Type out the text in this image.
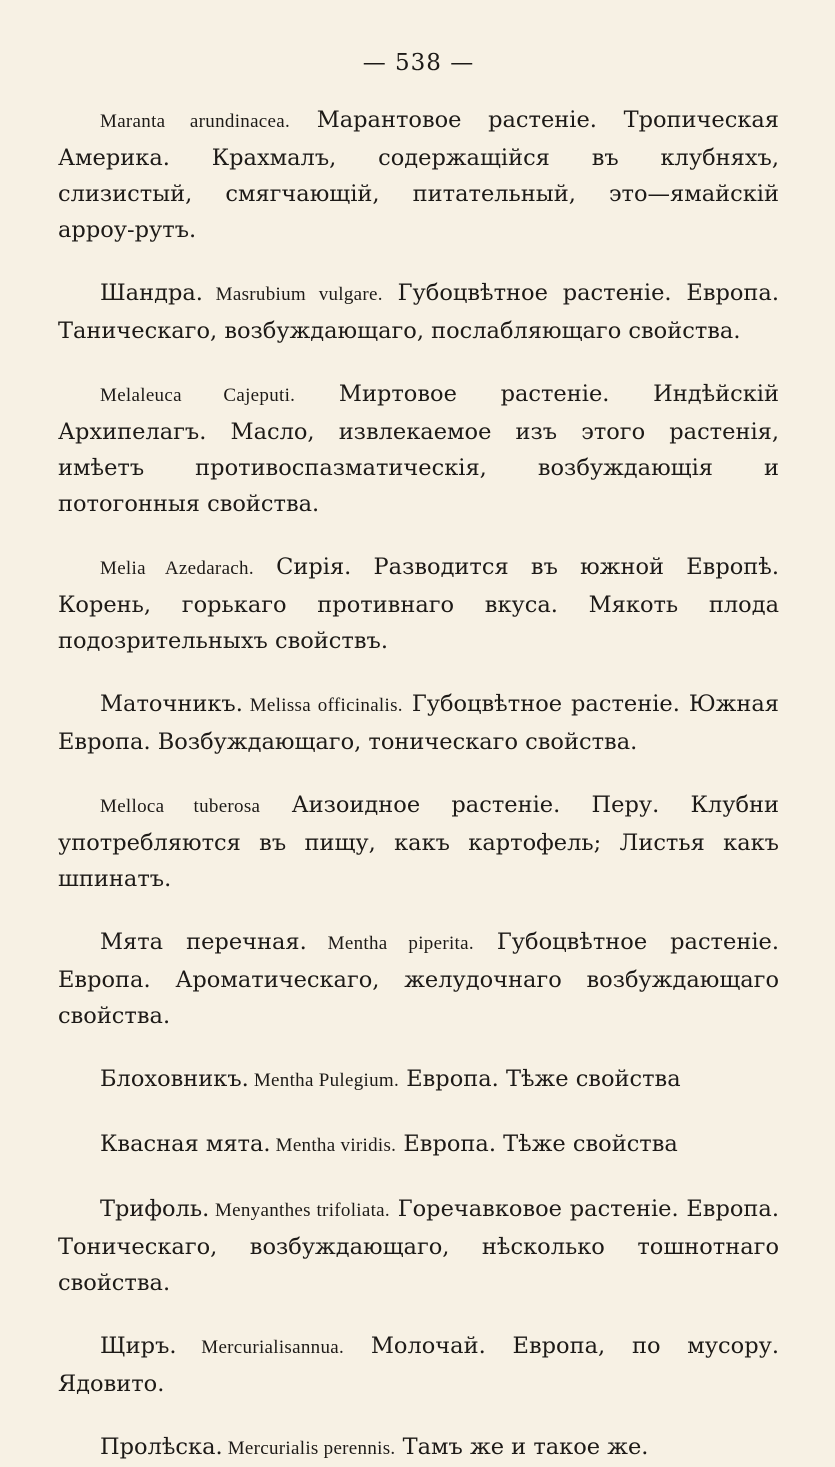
— 538 —

Maranta arundinacea. Марантовое растеніе. Тропическая Америка. Крахмалъ, содержащійся въ клубняхъ, слизистый, смягчающій, питательный, это—ямайскій арроу-рутъ.

Шандра. Masrubium vulgare. Губоцвѣтное растеніе. Европа. Таническаго, возбуждающаго, послабляющаго свойства.

Melaleuca Cajeputi. Миртовое растеніе. Индѣйскій Архипелагъ. Масло, извлекаемое изъ этого растенія, имѣетъ противоспазматическія, возбуждающія и потогонныя свойства.

Melia Azedarach. Сирія. Разводится въ южной Европѣ. Корень, горькаго противнаго вкуса. Мякоть плода подозрительныхъ свойствъ.

Маточникъ. Melissa officinalis. Губоцвѣтное растеніе. Южная Европа. Возбуждающаго, тоническаго свойства.

Melloca tuberosa Аизоидное растеніе. Перу. Клубни употребляются въ пищу, какъ картофель; Листья какъ шпинатъ.

Мята перечная. Mentha piperita. Губоцвѣтное растеніе. Европа. Ароматическаго, желудочнаго возбуждающаго свойства.

Блоховникъ. Mentha Pulegium. Европа. Тѣже свойства

Квасная мята. Mentha viridis. Европа. Тѣже свойства

Трифоль. Menyanthes trifoliata. Горечавковое растеніе. Европа. Тоническаго, возбуждающаго, нѣсколько тошнотнаго свойства.

Щиръ. Mercurialisannua. Молочай. Европа, по мусору. Ядовито.

Пролѣска. Mercurialis perennis. Тамъ же и такое же.
